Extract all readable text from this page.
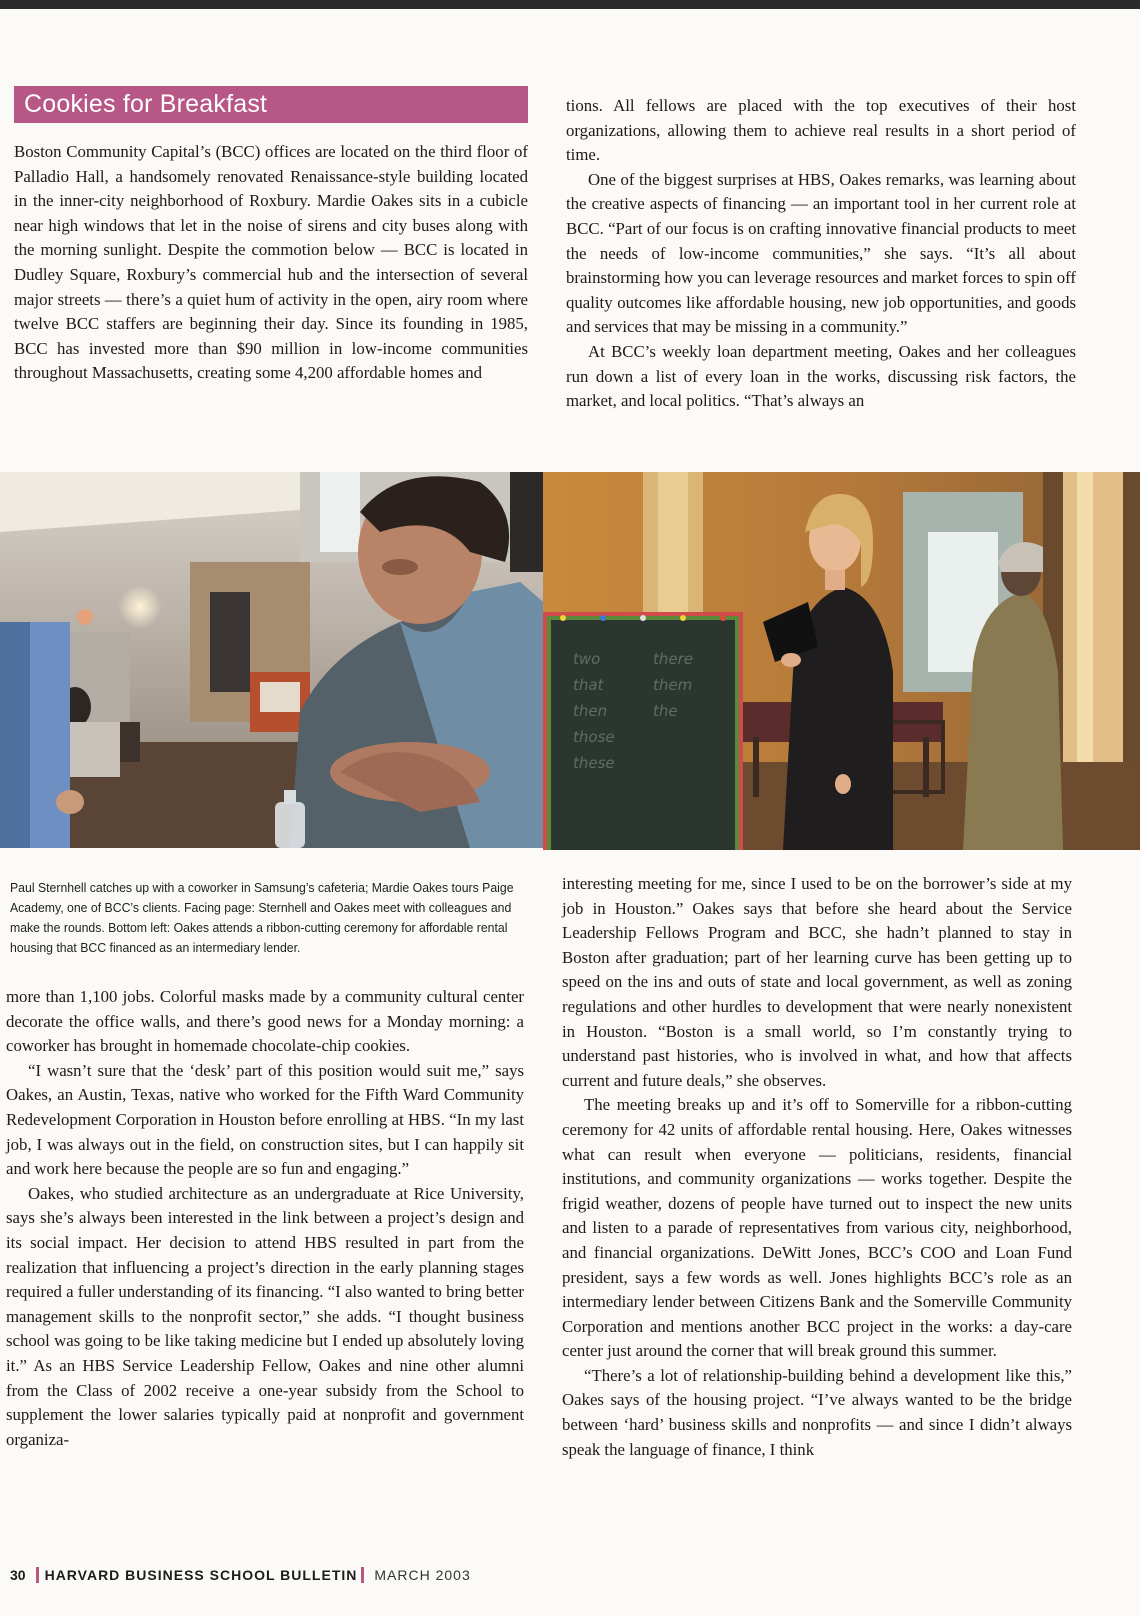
Cookies for Breakfast

Boston Community Capital’s (BCC) offices are located on the third floor of Palladio Hall, a handsomely renovated Renaissance-style building located in the inner-city neighborhood of Roxbury. Mardie Oakes sits in a cubicle near high windows that let in the noise of sirens and city buses along with the morning sunlight. Despite the commotion below — BCC is located in Dudley Square, Roxbury’s commercial hub and the intersection of several major streets — there’s a quiet hum of activity in the open, airy room where twelve BCC staffers are beginning their day. Since its founding in 1985, BCC has invested more than $90 million in low-income communities throughout Massachusetts, creating some 4,200 affordable homes and

tions. All fellows are placed with the top executives of their host organizations, allowing them to achieve real results in a short period of time.

One of the biggest surprises at HBS, Oakes remarks, was learning about the creative aspects of financing — an important tool in her current role at BCC. “Part of our focus is on crafting innovative financial products to meet the needs of low-income communities,” she says. “It’s all about brainstorming how you can leverage resources and market forces to spin off quality outcomes like affordable housing, new job opportunities, and goods and services that may be missing in a community.”

At BCC’s weekly loan department meeting, Oakes and her colleagues run down a list of every loan in the works, discussing risk factors, the market, and local politics. “That’s always an

two	there
that	them
then	the
those
these
Paul Sternhell catches up with a coworker in Samsung’s cafeteria; Mardie Oakes tours Paige Academy, one of BCC’s clients. Facing page: Sternhell and Oakes meet with colleagues and make the rounds. Bottom left: Oakes attends a ribbon-cutting ceremony for affordable rental housing that BCC financed as an intermediary lender.

more than 1,100 jobs. Colorful masks made by a community cultural center decorate the office walls, and there’s good news for a Monday morning: a coworker has brought in homemade chocolate-chip cookies.

“I wasn’t sure that the ‘desk’ part of this position would suit me,” says Oakes, an Austin, Texas, native who worked for the Fifth Ward Community Redevelopment Corporation in Houston before enrolling at HBS. “In my last job, I was always out in the field, on construction sites, but I can happily sit and work here because the people are so fun and engaging.”

Oakes, who studied architecture as an undergraduate at Rice University, says she’s always been interested in the link between a project’s design and its social impact. Her decision to attend HBS resulted in part from the realization that influencing a project’s direction in the early planning stages required a fuller understanding of its financing. “I also wanted to bring better management skills to the nonprofit sector,” she adds. “I thought business school was going to be like taking medicine but I ended up absolutely loving it.” As an HBS Service Leadership Fellow, Oakes and nine other alumni from the Class of 2002 receive a one-year subsidy from the School to supplement the lower salaries typically paid at nonprofit and government organiza-

interesting meeting for me, since I used to be on the borrower’s side at my job in Houston.” Oakes says that before she heard about the Service Leadership Fellows Program and BCC, she hadn’t planned to stay in Boston after graduation; part of her learning curve has been getting up to speed on the ins and outs of state and local government, as well as zoning regulations and other hurdles to development that were nearly nonexistent in Houston. “Boston is a small world, so I’m constantly trying to understand past histories, who is involved in what, and how that affects current and future deals,” she observes.

The meeting breaks up and it’s off to Somerville for a ribbon-cutting ceremony for 42 units of affordable rental housing. Here, Oakes witnesses what can result when everyone — politicians, residents, financial institutions, and community organizations — works together. Despite the frigid weather, dozens of people have turned out to inspect the new units and listen to a parade of representatives from various city, neighborhood, and financial organizations. DeWitt Jones, BCC’s COO and Loan Fund president, says a few words as well. Jones highlights BCC’s role as an intermediary lender between Citizens Bank and the Somerville Community Corporation and mentions another BCC project in the works: a day-care center just around the corner that will break ground this summer.

“There’s a lot of relationship-building behind a development like this,” Oakes says of the housing project. “I’ve always wanted to be the bridge between ‘hard’ business skills and nonprofits — and since I didn’t always speak the language of finance, I think

30 HARVARD BUSINESS SCHOOL BULLETIN MARCH 2003
